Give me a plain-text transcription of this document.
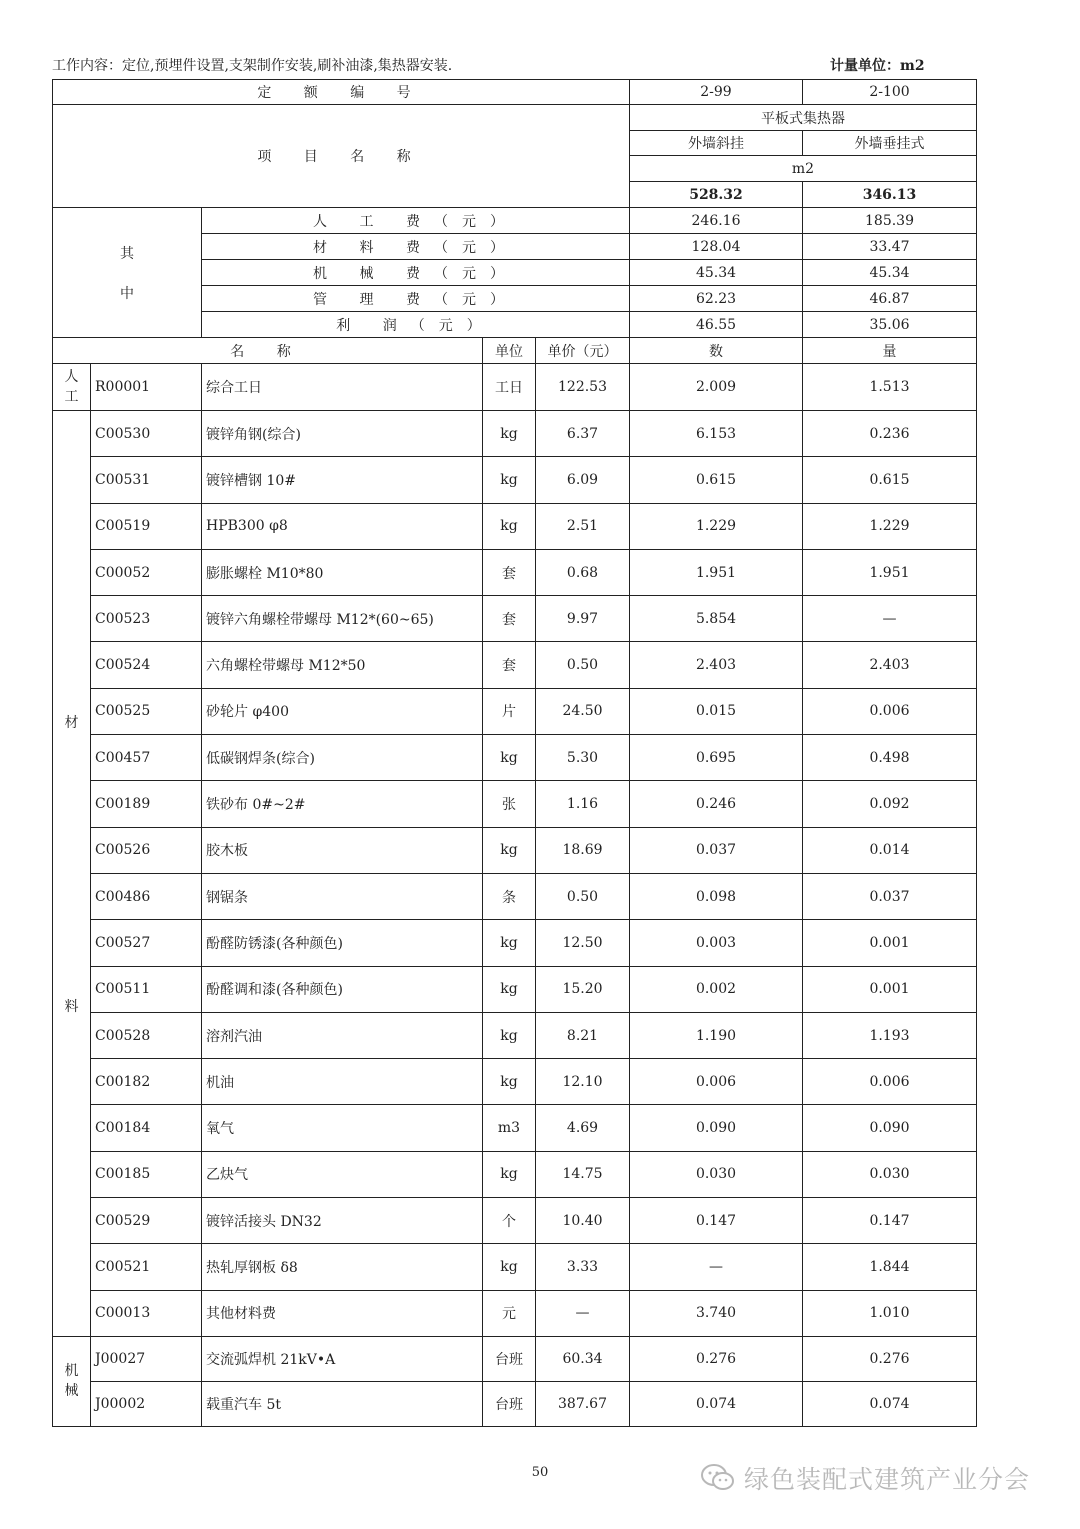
工作内容：定位,预埋件设置,支架制作安装,刷补油漆,集热器安装.	计量单位：m2
定 额 编 号					2-99	2-100
项 目 名 称					平板式集热器	
					外墙斜挂	外墙垂挂式
					m2	
					528.32	346.13

其
中		人 工 费（元）			246.16	185.39
		材 料 费（元）			128.04	33.47
		机 械 费（元）			45.34	45.34
		管 理 费（元）			62.23	46.87
		利 润（元）			46.55	35.06
名 称			单位	单价（元）	数	量

人
工	R00001	综合工日	工日	122.53	2.009	1.513

材
料	C00530	镀锌角钢(综合)	kg	6.37	6.153	0.236
	C00531	镀锌槽钢 10#	kg	6.09	0.615	0.615
	C00519	HPB300 φ8	kg	2.51	1.229	1.229
	C00052	膨胀螺栓 M10*80	套	0.68	1.951	1.951
	C00523	镀锌六角螺栓带螺母 M12*(60~65)	套	9.97	5.854	—
	C00524	六角螺栓带螺母 M12*50	套	0.50	2.403	2.403
	C00525	砂轮片 φ400	片	24.50	0.015	0.006
	C00457	低碳钢焊条(综合)	kg	5.30	0.695	0.498
	C00189	铁砂布 0#~2#	张	1.16	0.246	0.092
	C00526	胶木板	kg	18.69	0.037	0.014
	C00486	钢锯条	条	0.50	0.098	0.037
	C00527	酚醛防锈漆(各种颜色)	kg	12.50	0.003	0.001
	C00511	酚醛调和漆(各种颜色)	kg	15.20	0.002	0.001
	C00528	溶剂汽油	kg	8.21	1.190	1.193
	C00182	机油	kg	12.10	0.006	0.006
	C00184	氧气	m3	4.69	0.090	0.090
	C00185	乙炔气	kg	14.75	0.030	0.030
	C00529	镀锌活接头 DN32	个	10.40	0.147	0.147
	C00521	热轧厚钢板 δ8	kg	3.33	—	1.844
	C00013	其他材料费	元	—	3.740	1.010

机
械	J00027	交流弧焊机 21kV•A	台班	60.34	0.276	0.276
	J00002	载重汽车 5t	台班	387.67	0.074	0.074
50	绿色装配式建筑产业分会
